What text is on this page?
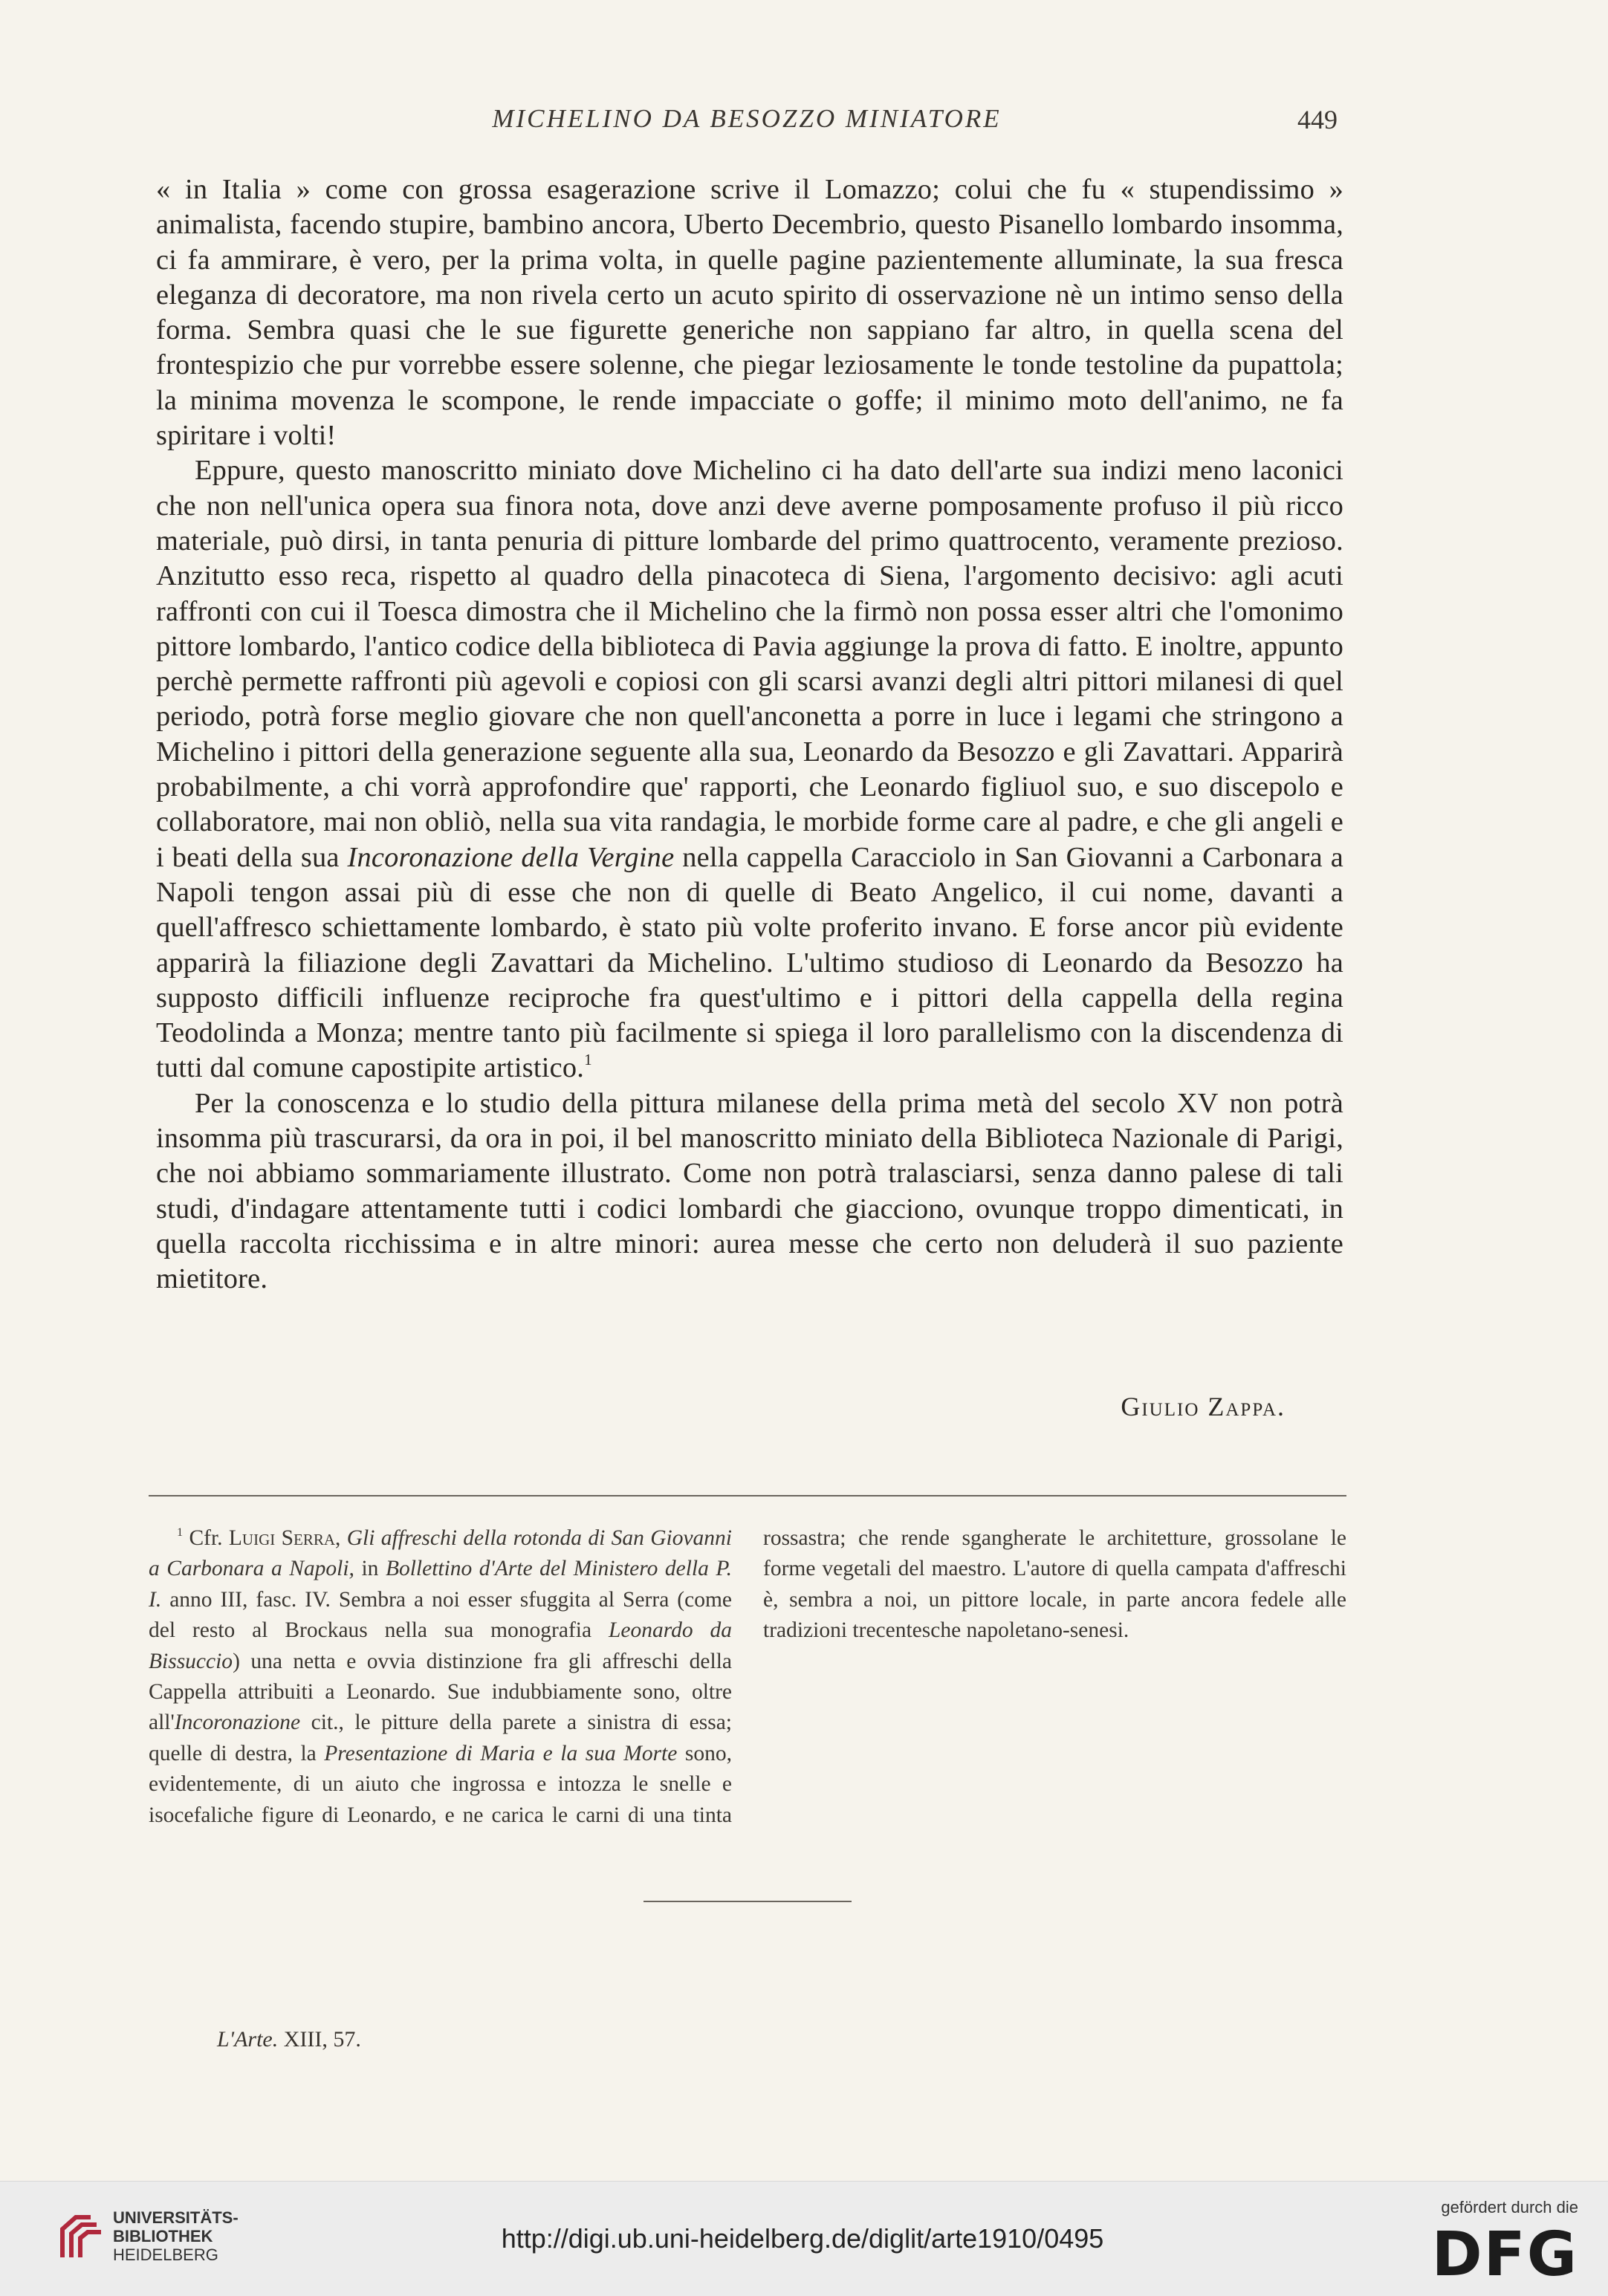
MICHELINO DA BESOZZO MINIATORE	449

« in Italia » come con grossa esagerazione scrive il Lomazzo; colui che fu « stupendissimo » animalista, facendo stupire, bambino ancora, Uberto Decembrio, questo Pisanello lombardo insomma, ci fa ammirare, è vero, per la prima volta, in quelle pagine pazientemente alluminate, la sua fresca eleganza di decoratore, ma non rivela certo un acuto spirito di osservazione nè un intimo senso della forma. Sembra quasi che le sue figurette generiche non sappiano far altro, in quella scena del frontespizio che pur vorrebbe essere solenne, che piegar leziosamente le tonde testoline da pupattola; la minima movenza le scompone, le rende impacciate o goffe; il minimo moto dell'animo, ne fa spiritare i volti!

Eppure, questo manoscritto miniato dove Michelino ci ha dato dell'arte sua indizi meno laconici che non nell'unica opera sua finora nota, dove anzi deve averne pomposamente profuso il più ricco materiale, può dirsi, in tanta penuria di pitture lombarde del primo quattrocento, veramente prezioso. Anzitutto esso reca, rispetto al quadro della pinacoteca di Siena, l'argomento decisivo: agli acuti raffronti con cui il Toesca dimostra che il Michelino che la firmò non possa esser altri che l'omonimo pittore lombardo, l'antico codice della biblioteca di Pavia aggiunge la prova di fatto. E inoltre, appunto perchè permette raffronti più agevoli e copiosi con gli scarsi avanzi degli altri pittori milanesi di quel periodo, potrà forse meglio giovare che non quell'anconetta a porre in luce i legami che stringono a Michelino i pittori della generazione seguente alla sua, Leonardo da Besozzo e gli Zavattari. Apparirà probabilmente, a chi vorrà approfondire que' rapporti, che Leonardo figliuol suo, e suo discepolo e collaboratore, mai non obliò, nella sua vita randagia, le morbide forme care al padre, e che gli angeli e i beati della sua Incoronazione della Vergine nella cappella Caracciolo in San Giovanni a Carbonara a Napoli tengon assai più di esse che non di quelle di Beato Angelico, il cui nome, davanti a quell'affresco schiettamente lombardo, è stato più volte proferito invano. E forse ancor più evidente apparirà la filiazione degli Zavattari da Michelino. L'ultimo studioso di Leonardo da Besozzo ha supposto difficili influenze reciproche fra quest'ultimo e i pittori della cappella della regina Teodolinda a Monza; mentre tanto più facilmente si spiega il loro parallelismo con la discendenza di tutti dal comune capostipite artistico.$^1$

Per la conoscenza e lo studio della pittura milanese della prima metà del secolo XV non potrà insomma più trascurarsi, da ora in poi, il bel manoscritto miniato della Biblioteca Nazionale di Parigi, che noi abbiamo sommariamente illustrato. Come non potrà tralasciarsi, senza danno palese di tali studi, d'indagare attentamente tutti i codici lombardi che giacciono, ovunque troppo dimenticati, in quella raccolta ricchissima e in altre minori: aurea messe che certo non deluderà il suo paziente mietitore.

Giulio Zappa.

$^1$ Cfr. Luigi Serra, Gli affreschi della rotonda di San Giovanni a Carbonara a Napoli, in Bollettino d'Arte del Ministero della P. I. anno III, fasc. IV. Sembra a noi esser sfuggita al Serra (come del resto al Brockaus nella sua monografia Leonardo da Bissuccio) una netta e ovvia distinzione fra gli affreschi della Cappella attribuiti a Leonardo. Sue indubbiamente sono, oltre all'Incoronazione cit., le pitture della parete a sinistra di essa; quelle di destra, la Presentazione di Maria e la sua Morte sono, evidentemente, di un aiuto che ingrossa e intozza le snelle e isocefaliche figure di Leonardo, e ne carica le carni di una tinta rossastra; che rende sgangherate le architetture, grossolane le forme vegetali del maestro. L'autore di quella campata d'affreschi è, sembra a noi, un pittore locale, in parte ancora fedele alle tradizioni trecentesche napoletano-senesi.

L'Arte. XIII, 57.
UNIVERSITÄTS-
BIBLIOTHEK
HEIDELBERG
http://digi.ub.uni-heidelberg.de/diglit/arte1910/0495
gefördert durch die
DFG
